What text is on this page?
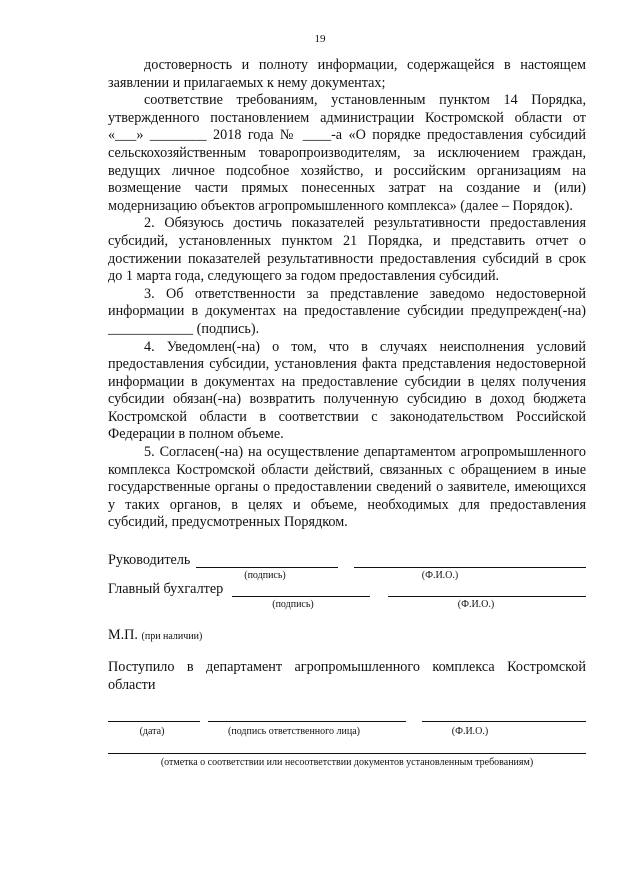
19

достоверность и полноту информации, содержащейся в настоящем заявлении и прилагаемых к нему документах;

соответствие требованиям, установленным пунктом 14 Порядка, утвержденного постановлением администрации Костромской области от «___» ________ 2018 года № ____-а «О порядке предоставления субсидий сельскохозяйственным товаропроизводителям, за исключением граждан, ведущих личное подсобное хозяйство, и российским организациям на возмещение части прямых понесенных затрат на создание и (или) модернизацию объектов агропромышленного комплекса» (далее – Порядок).

2. Обязуюсь достичь показателей результативности предоставления субсидий, установленных пунктом 21 Порядка, и представить отчет о достижении показателей результативности предоставления субсидий в срок до 1 марта года, следующего за годом предоставления субсидий.

3. Об ответственности за представление заведомо недостоверной информации в документах на предоставление субсидии предупрежден(-на) ____________ (подпись).

4. Уведомлен(-на) о том, что в случаях неисполнения условий предоставления субсидии, установления факта представления недостоверной информации в документах на предоставление субсидии в целях получения субсидии обязан(-на) возвратить полученную субсидию в доход бюджета Костромской области в соответствии с законодательством Российской Федерации в полном объеме.

5. Согласен(-на) на осуществление департаментом агропромышленного комплекса Костромской области действий, связанных с обращением в иные государственные органы о предоставлении сведений о заявителе, имеющихся у таких органов, в целях и объеме, необходимых для предоставления субсидий, предусмотренных Порядком.

Руководитель
(подпись)	(Ф.И.О.)
Главный бухгалтер
(подпись)	(Ф.И.О.)
М.П. (при наличии)

Поступило в департамент агропромышленного комплекса Костромской области

(дата)	(подпись ответственного лица)	(Ф.И.О.)
(отметка о соответствии или несоответствии документов установленным требованиям)
